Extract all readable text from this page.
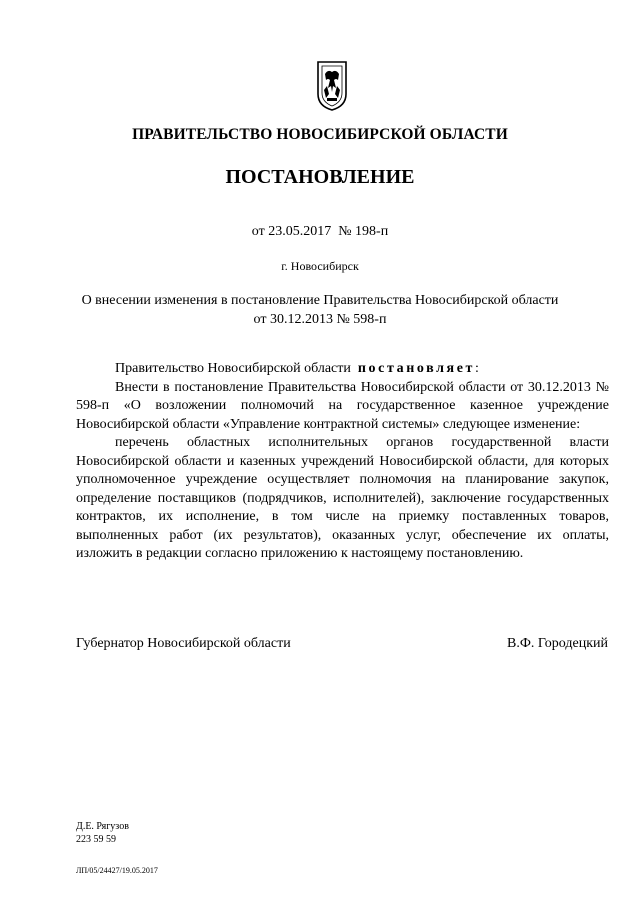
ПРАВИТЕЛЬСТВО НОВОСИБИРСКОЙ ОБЛАСТИ
ПОСТАНОВЛЕНИЕ
от 23.05.2017  № 198-п
г. Новосибирск
О внесении изменения в постановление Правительства Новосибирской области
от 30.12.2013 № 598-п

Правительство Новосибирской области постановляет:

Внести в постановление Правительства Новосибирской области от 30.12.2013 № 598-п «О возложении полномочий на государственное казенное учреждение Новосибирской области «Управление контрактной системы» следующее изменение:

перечень областных исполнительных органов государственной власти Новосибирской области и казенных учреждений Новосибирской области, для которых уполномоченное учреждение осуществляет полномочия на планирование закупок, определение поставщиков (подрядчиков, исполнителей), заключение государственных контрактов, их исполнение, в том числе на приемку поставленных товаров, выполненных работ (их результатов), оказанных услуг, обеспечение их оплаты, изложить в редакции согласно приложению к настоящему постановлению.

Губернатор Новосибирской области	В.Ф. Городецкий
Д.Е. Рягузов
223 59 59
ЛП/05/24427/19.05.2017
